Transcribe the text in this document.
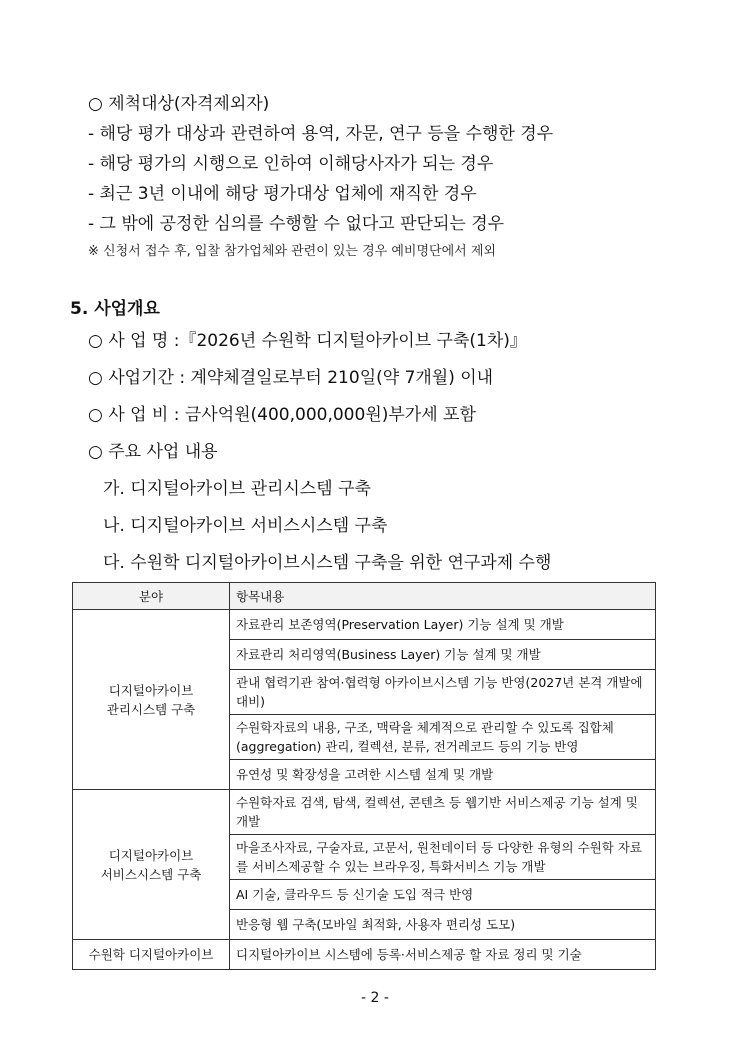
○ 제척대상(자격제외자)
- 해당 평가 대상과 관련하여 용역, 자문, 연구 등을 수행한 경우
- 해당 평가의 시행으로 인하여 이해당사자가 되는 경우
- 최근 3년 이내에 해당 평가대상 업체에 재직한 경우
- 그 밖에 공정한 심의를 수행할 수 없다고 판단되는 경우
※ 신청서 접수 후, 입찰 참가업체와 관련이 있는 경우 예비명단에서 제외
5. 사업개요
○ 사 업 명 :『2026년 수원학 디지털아카이브 구축(1차)』
○ 사업기간 : 계약체결일로부터 210일(약 7개월) 이내
○ 사 업 비 : 금사억원(400,000,000원)부가세 포함
○ 주요 사업 내용
가. 디지털아카이브 관리시스템 구축
나. 디지털아카이브 서비스시스템 구축
다. 수원학 디지털아카이브시스템 구축을 위한 연구과제 수행
분야	항목내용
디지털아카이브
관리시스템 구축	자료관리 보존영역(Preservation Layer) 기능 설계 및 개발
	자료관리 처리영역(Business Layer) 기능 설계 및 개발
	관내 협력기관 참여·협력형 아카이브시스템 기능 반영(2027년 본격 개발에 대비)
	수원학자료의 내용, 구조, 맥락을 체계적으로 관리할 수 있도록 집합체(aggregation) 관리, 컬렉션, 분류, 전거레코드 등의 기능 반영
	유연성 및 확장성을 고려한 시스템 설계 및 개발
디지털아카이브
서비스시스템 구축	수원학자료 검색, 탐색, 컬렉션, 콘텐츠 등 웹기반 서비스제공 기능 설계 및 개발
	마을조사자료, 구술자료, 고문서, 원천데이터 등 다양한 유형의 수원학 자료를 서비스제공할 수 있는 브라우징, 특화서비스 기능 개발
	AI 기술, 클라우드 등 신기술 도입 적극 반영
	반응형 웹 구축(모바일 최적화, 사용자 편리성 도모)
수원학 디지털아카이브	디지털아카이브 시스템에 등록·서비스제공 할 자료 정리 및 기술
- 2 -
